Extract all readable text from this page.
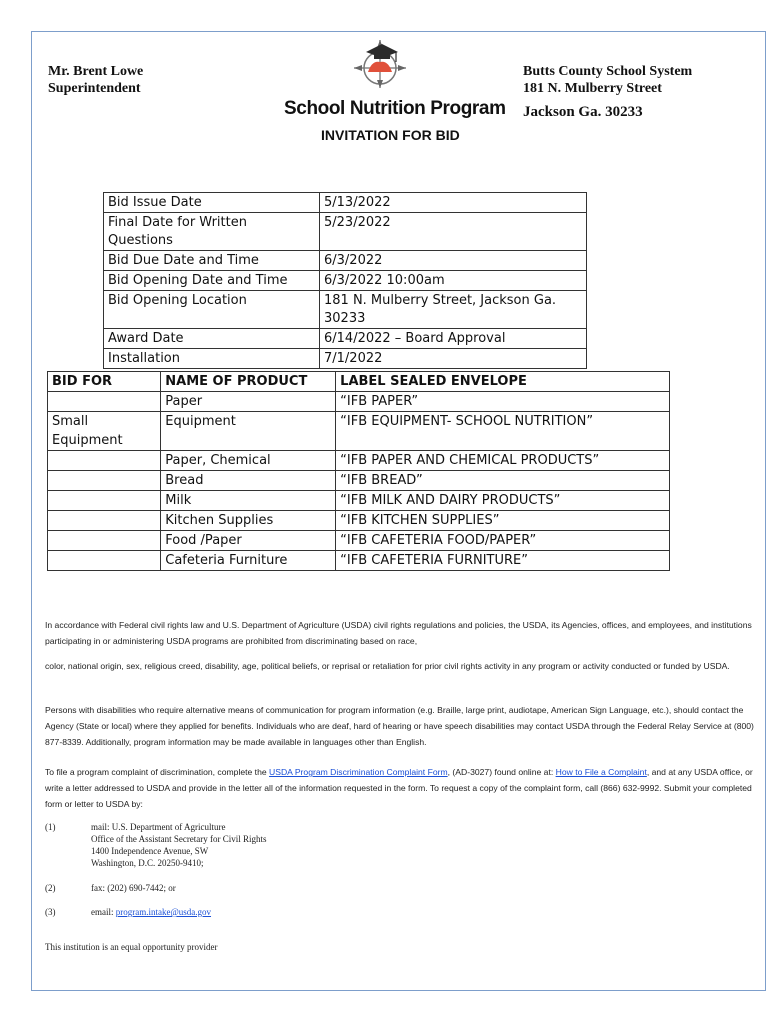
Mr. Brent Lowe
Superintendent
School Nutrition Program
INVITATION FOR BID
Butts County School System
181 N. Mulberry Street
Jackson Ga. 30233
Bid Issue Date	5/13/2022
Final Date for Written Questions	5/23/2022
Bid Due Date and Time	6/3/2022
Bid Opening Date and Time	6/3/2022 10:00am
Bid Opening Location	181 N. Mulberry Street, Jackson Ga. 30233
Award Date	6/14/2022 – Board Approval
Installation	7/1/2022
BID FOR	NAME OF PRODUCT	LABEL SEALED ENVELOPE
	Paper	“IFB PAPER”
Small Equipment	Equipment	“IFB EQUIPMENT- SCHOOL NUTRITION”
	Paper, Chemical	“IFB PAPER AND CHEMICAL PRODUCTS”
	Bread	“IFB BREAD”
	Milk	“IFB MILK AND DAIRY PRODUCTS”
	Kitchen Supplies	“IFB KITCHEN SUPPLIES”
	Food /Paper	“IFB CAFETERIA FOOD/PAPER”
	Cafeteria Furniture	“IFB CAFETERIA FURNITURE”
In accordance with Federal civil rights law and U.S. Department of Agriculture (USDA) civil rights regulations and policies, the USDA, its Agencies, offices, and employees, and institutions participating in or administering USDA programs are prohibited from discriminating based on race,
color, national origin, sex, religious creed, disability, age, political beliefs, or reprisal or retaliation for prior civil rights activity in any program or activity conducted or funded by USDA.
Persons with disabilities who require alternative means of communication for program information (e.g. Braille, large print, audiotape, American Sign Language, etc.), should contact the Agency (State or local) where they applied for benefits. Individuals who are deaf, hard of hearing or have speech disabilities may contact USDA through the Federal Relay Service at (800) 877-8339. Additionally, program information may be made available in languages other than English.
To file a program complaint of discrimination, complete the USDA Program Discrimination Complaint Form, (AD-3027) found online at: How to File a Complaint, and at any USDA office, or write a letter addressed to USDA and provide in the letter all of the information requested in the form. To request a copy of the complaint form, call (866) 632-9992. Submit your completed form or letter to USDA by:
(1)	mail: U.S. Department of Agriculture
Office of the Assistant Secretary for Civil Rights
1400 Independence Avenue, SW
Washington, D.C. 20250-9410;
(2)	fax: (202) 690-7442; or
(3)	email: program.intake@usda.gov
This institution is an equal opportunity provider
